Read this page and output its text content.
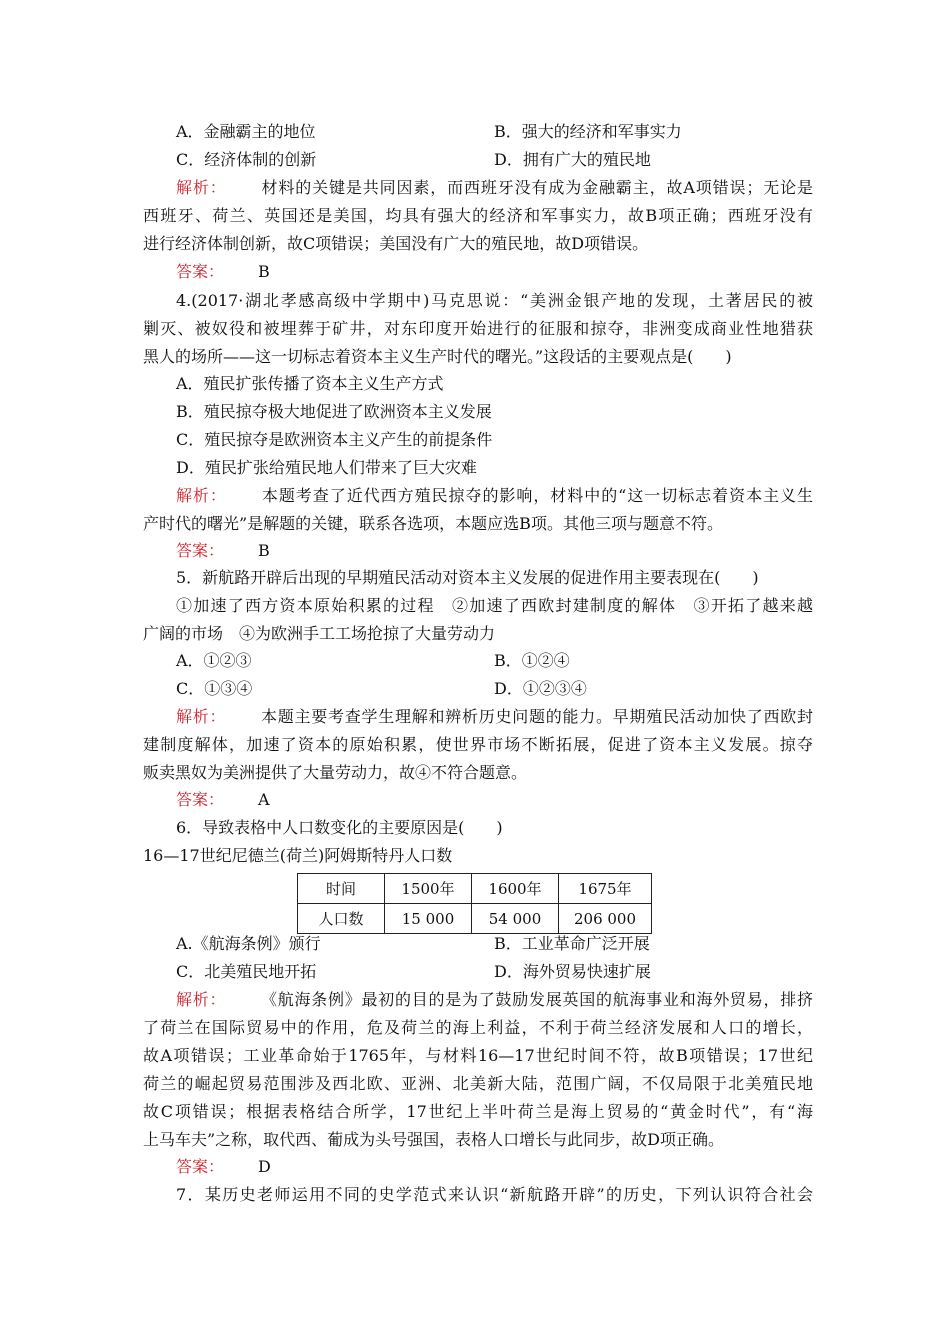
A．金融霸主的地位	B．强大的经济和军事实力
C．经济体制的创新	D．拥有广大的殖民地
解析： 材料的关键是共同因素，而西班牙没有成为金融霸主，故A项错误；无论是
西班牙、荷兰、英国还是美国，均具有强大的经济和军事实力，故B项正确；西班牙没有
进行经济体制创新，故C项错误；美国没有广大的殖民地，故D项错误。
答案： B
4.(2017·湖北孝感高级中学期中)马克思说：“美洲金银产地的发现，土著居民的被
剿灭、被奴役和被埋葬于矿井，对东印度开始进行的征服和掠夺，非洲变成商业性地猎获
黑人的场所——这一切标志着资本主义生产时代的曙光。”这段话的主要观点是(　　)
A．殖民扩张传播了资本主义生产方式
B．殖民掠夺极大地促进了欧洲资本主义发展
C．殖民掠夺是欧洲资本主义产生的前提条件
D．殖民扩张给殖民地人们带来了巨大灾难
解析： 本题考查了近代西方殖民掠夺的影响，材料中的“这一切标志着资本主义生
产时代的曙光”是解题的关键，联系各选项，本题应选B项。其他三项与题意不符。
答案： B
5．新航路开辟后出现的早期殖民活动对资本主义发展的促进作用主要表现在(　　)
①加速了西方资本原始积累的过程　②加速了西欧封建制度的解体　③开拓了越来越
广阔的市场　④为欧洲手工工场抢掠了大量劳动力
A．①②③	B．①②④
C．①③④	D．①②③④
解析： 本题主要考查学生理解和辨析历史问题的能力。早期殖民活动加快了西欧封
建制度解体，加速了资本的原始积累，使世界市场不断拓展，促进了资本主义发展。掠夺
贩卖黑奴为美洲提供了大量劳动力，故④不符合题意。
答案： A
6．导致表格中人口数变化的主要原因是(　　)
16—17世纪尼德兰(荷兰)阿姆斯特丹人口数
时间	1500年	1600年	1675年
人口数	15 000	54 000	206 000
A.《航海条例》颁行	B．工业革命广泛开展
C．北美殖民地开拓	D．海外贸易快速扩展
解析： 《航海条例》最初的目的是为了鼓励发展英国的航海事业和海外贸易，排挤
了荷兰在国际贸易中的作用，危及荷兰的海上利益，不利于荷兰经济发展和人口的增长，
故A项错误；工业革命始于1765年，与材料16—17世纪时间不符，故B项错误；17世纪
荷兰的崛起贸易范围涉及西北欧、亚洲、北美新大陆，范围广阔，不仅局限于北美殖民地
故C项错误；根据表格结合所学，17世纪上半叶荷兰是海上贸易的“黄金时代”，有“海
上马车夫”之称，取代西、葡成为头号强国，表格人口增长与此同步，故D项正确。
答案： D
7．某历史老师运用不同的史学范式来认识“新航路开辟”的历史，下列认识符合社会
